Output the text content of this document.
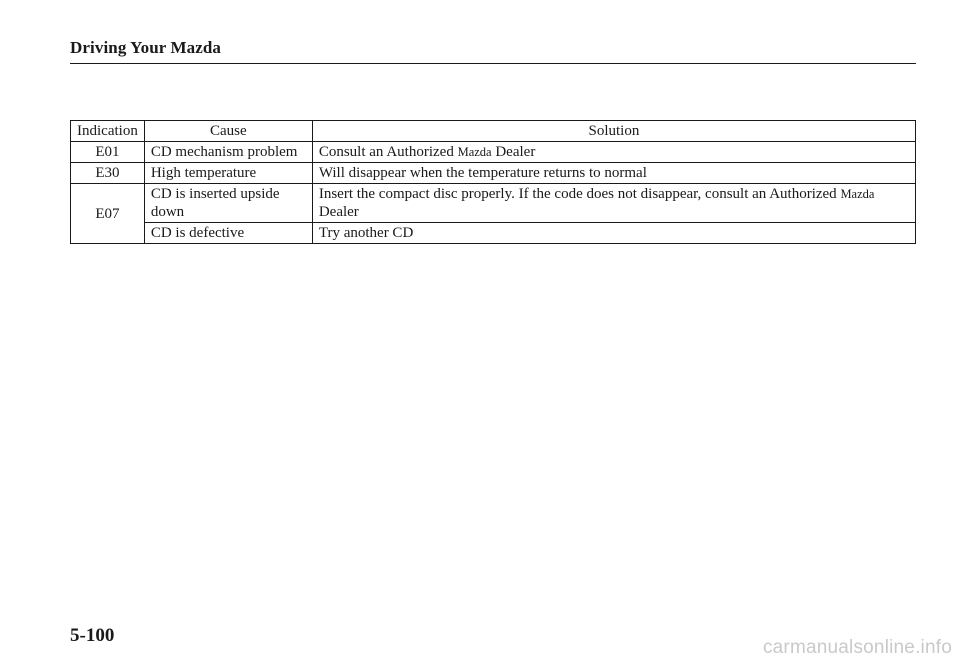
Driving Your Mazda
Indication	Cause	Solution
E01	CD mechanism problem	Consult an Authorized Mazda Dealer
E30	High temperature	Will disappear when the temperature returns to normal
E07	CD is inserted upside down	Insert the compact disc properly. If the code does not disappear, consult an Authorized Mazda Dealer
	CD is defective	Try another CD
5-100
carmanualsonline.info
